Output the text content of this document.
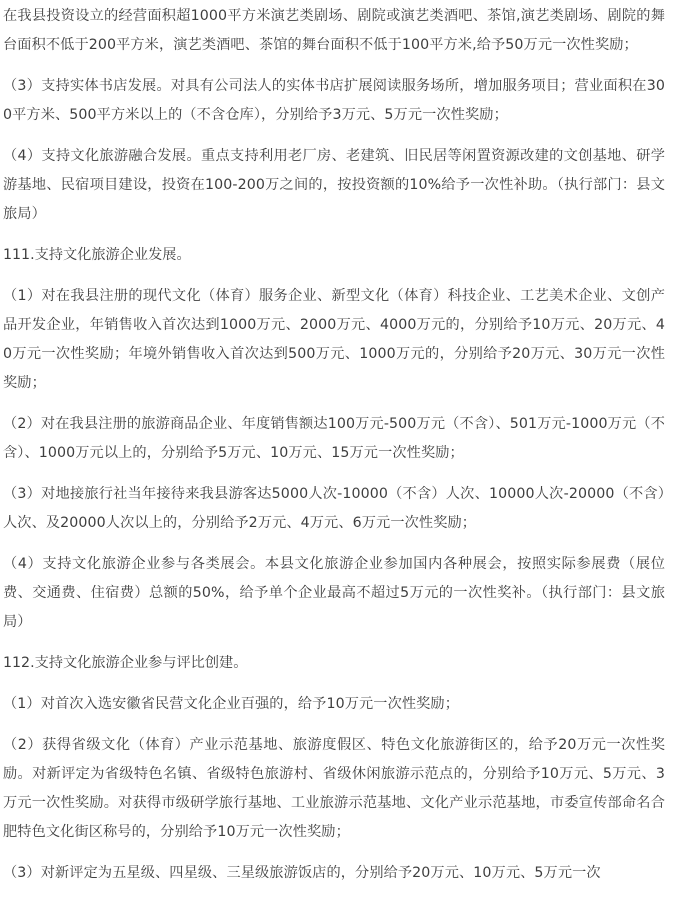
在我县投资设立的经营面积超1000平方米演艺类剧场、剧院或演艺类酒吧、茶馆,演艺类剧场、剧院的舞台面积不低于200平方米，演艺类酒吧、茶馆的舞台面积不低于100平方米,给予50万元一次性奖励；

（3）支持实体书店发展。对具有公司法人的实体书店扩展阅读服务场所，增加服务项目；营业面积在300平方米、500平方米以上的（不含仓库），分别给予3万元、5万元一次性奖励；

（4）支持文化旅游融合发展。重点支持利用老厂房、老建筑、旧民居等闲置资源改建的文创基地、研学游基地、民宿项目建设，投资在100-200万之间的，按投资额的10%给予一次性补助。（执行部门：县文旅局）

111.支持文化旅游企业发展。

（1）对在我县注册的现代文化（体育）服务企业、新型文化（体育）科技企业、工艺美术企业、文创产品开发企业，年销售收入首次达到1000万元、2000万元、4000万元的，分别给予10万元、20万元、40万元一次性奖励；年境外销售收入首次达到500万元、1000万元的，分别给予20万元、30万元一次性奖励；

（2）对在我县注册的旅游商品企业、年度销售额达100万元-500万元（不含）、501万元-1000万元（不含）、1000万元以上的，分别给予5万元、10万元、15万元一次性奖励；

（3）对地接旅行社当年接待来我县游客达5000人次-10000（不含）人次、10000人次-20000（不含）人次、及20000人次以上的，分别给予2万元、4万元、6万元一次性奖励；

（4）支持文化旅游企业参与各类展会。本县文化旅游企业参加国内各种展会，按照实际参展费（展位费、交通费、住宿费）总额的50%，给予单个企业最高不超过5万元的一次性奖补。（执行部门：县文旅局）

112.支持文化旅游企业参与评比创建。

（1）对首次入选安徽省民营文化企业百强的，给予10万元一次性奖励；

（2）获得省级文化（体育）产业示范基地、旅游度假区、特色文化旅游街区的，给予20万元一次性奖励。对新评定为省级特色名镇、省级特色旅游村、省级休闲旅游示范点的，分别给予10万元、5万元、3万元一次性奖励。对获得市级研学旅行基地、工业旅游示范基地、文化产业示范基地，市委宣传部命名合肥特色文化街区称号的，分别给予10万元一次性奖励；

（3）对新评定为五星级、四星级、三星级旅游饭店的，分别给予20万元、10万元、5万元一次
